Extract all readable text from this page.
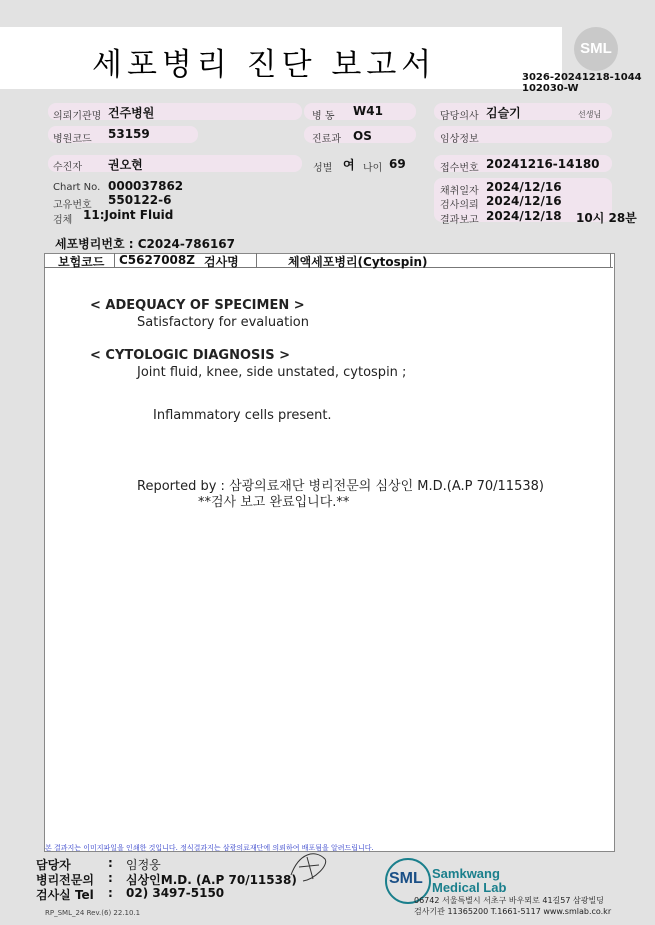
세포병리 진단 보고서	SML
3026-20241218-1044
102030-W
의뢰기관명 건주병원	병 동 W41	담당의사 김슬기	선생님
병원코드 53159	진료과 OS	임상정보
수진자 권오현	성별 여 나이 69	접수번호 20241216-14180
Chart No. 000037862
고유번호 550122-6
검체 11:Joint Fluid
채취일자 2024/12/16
검사의뢰 2024/12/16
결과보고 2024/12/18 10시 28분
세포병리번호 : C2024-786167
보험코드 C5627008Z 검사명	체액세포병리(Cytospin)
< ADEQUACY OF SPECIMEN >
Satisfactory for evaluation
< CYTOLOGIC DIAGNOSIS >
Joint fluid, knee, side unstated, cytospin ;
Inflammatory cells present.
Reported by : 삼광의료재단 병리전문의 심상인 M.D.(A.P 70/11538)
**검사 보고 완료입니다.**
본 결과지는 이미지파일을 인쇄한 것입니다. 정식결과지는 삼광의료재단에 의뢰하여 배포됨을 알려드립니다.
담당자	: 임정웅
병리전문의 : 심상인M.D. (A.P 70/11538)
검사실 Tel : 02) 3497-5150
RP_SML_24 Rev.(6) 22.10.1
SML Samkwang
Medical Lab
06742 서울특별시 서초구 바우뫼로 41길57 삼광빌딩
검사기관 11365200 T.1661-5117 www.smlab.co.kr
